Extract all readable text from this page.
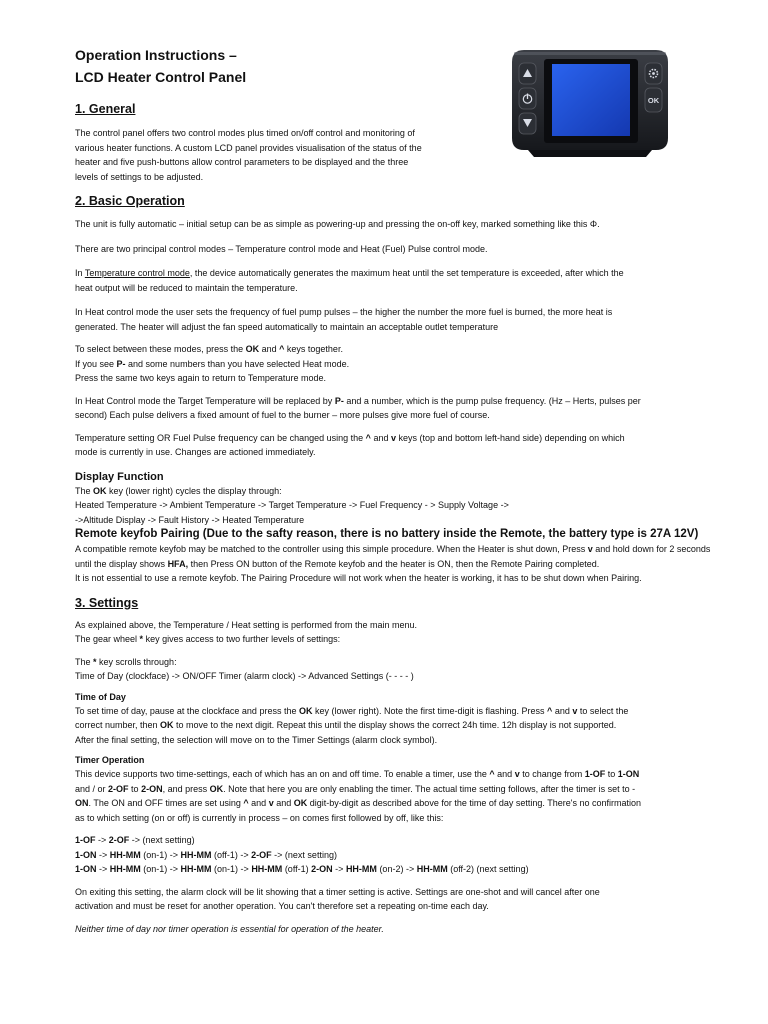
OK

Operation Instructions –

LCD Heater Control Panel

1. General

The control panel offers two control modes plus timed on/off control and monitoring of

various heater functions. A custom LCD panel provides visualisation of the status of the

heater and five push-buttons allow control parameters to be displayed and the three

levels of settings to be adjusted.

2. Basic Operation

The unit is fully automatic – initial setup can be as simple as powering-up and pressing the on-off key, marked something like this Φ.

There are two principal control modes – Temperature control mode and Heat (Fuel) Pulse control mode.

In Temperature control mode, the device automatically generates the maximum heat until the set temperature is exceeded, after which the

heat output will be reduced to maintain the temperature.

In Heat control mode the user sets the frequency of fuel pump pulses – the higher the number the more fuel is burned, the more heat is

generated. The heater will adjust the fan speed automatically to maintain an acceptable outlet temperature

To select between these modes, press the OK and ^ keys together.

If you see P- and some numbers than you have selected Heat mode.

Press the same two keys again to return to Temperature mode.

In Heat Control mode the Target Temperature will be replaced by P- and a number, which is the pump pulse frequency. (Hz – Herts, pulses per

second) Each pulse delivers a fixed amount of fuel to the burner – more pulses give more fuel of course.

Temperature setting OR Fuel Pulse frequency can be changed using the ^ and v keys (top and bottom left-hand side) depending on which

mode is currently in use. Changes are actioned immediately.

Display Function

The OK key (lower right) cycles the display through:

Heated Temperature -> Ambient Temperature -> Target Temperature -> Fuel Frequency - > Supply Voltage ->

->Altitude Display -> Fault History -> Heated Temperature

Remote keyfob Pairing (Due to the safty reason, there is no battery inside the Remote, the battery type is 27A 12V)

A compatible remote keyfob may be matched to the controller using this simple procedure. When the Heater is shut down, Press v and hold down for 2 seconds

until the display shows HFA, then Press ON button of the Remote keyfob and the heater is ON, then the Remote Pairing completed.

It is not essential to use a remote keyfob. The Pairing Procedure will not work when the heater is working, it has to be shut down when Pairing.

3. Settings

As explained above, the Temperature / Heat setting is performed from the main menu.

The gear wheel * key gives access to two further levels of settings:

The * key scrolls through:

Time of Day (clockface) -> ON/OFF Timer (alarm clock) -> Advanced Settings (- - - - )

Time of Day

To set time of day, pause at the clockface and press the OK key (lower right). Note the first time-digit is flashing. Press ^ and v to select the

correct number, then OK to move to the next digit. Repeat this until the display shows the correct 24h time. 12h display is not supported.

After the final setting, the selection will move on to the Timer Settings (alarm clock symbol).

Timer Operation

This device supports two time-settings, each of which has an on and off time. To enable a timer, use the ^ and v to change from 1-OF to 1-ON

and / or 2-OF to 2-ON, and press OK. Note that here you are only enabling the timer. The actual time setting follows, after the timer is set to -

ON. The ON and OFF times are set using ^ and v and OK digit-by-digit as described above for the time of day setting. There's no confirmation

as to which setting (on or off) is currently in process – on comes first followed by off, like this:

1-OF -> 2-OF -> (next setting)

1-ON -> HH-MM (on-1) -> HH-MM (off-1) -> 2-OF -> (next setting)

1-ON -> HH-MM (on-1) -> HH-MM (on-1) -> HH-MM (off-1) 2-ON -> HH-MM (on-2) -> HH-MM (off-2) (next setting)

On exiting this setting, the alarm clock will be lit showing that a timer setting is active. Settings are one-shot and will cancel after one

activation and must be reset for another operation. You can't therefore set a repeating on-time each day.

Neither time of day nor timer operation is essential for operation of the heater.
